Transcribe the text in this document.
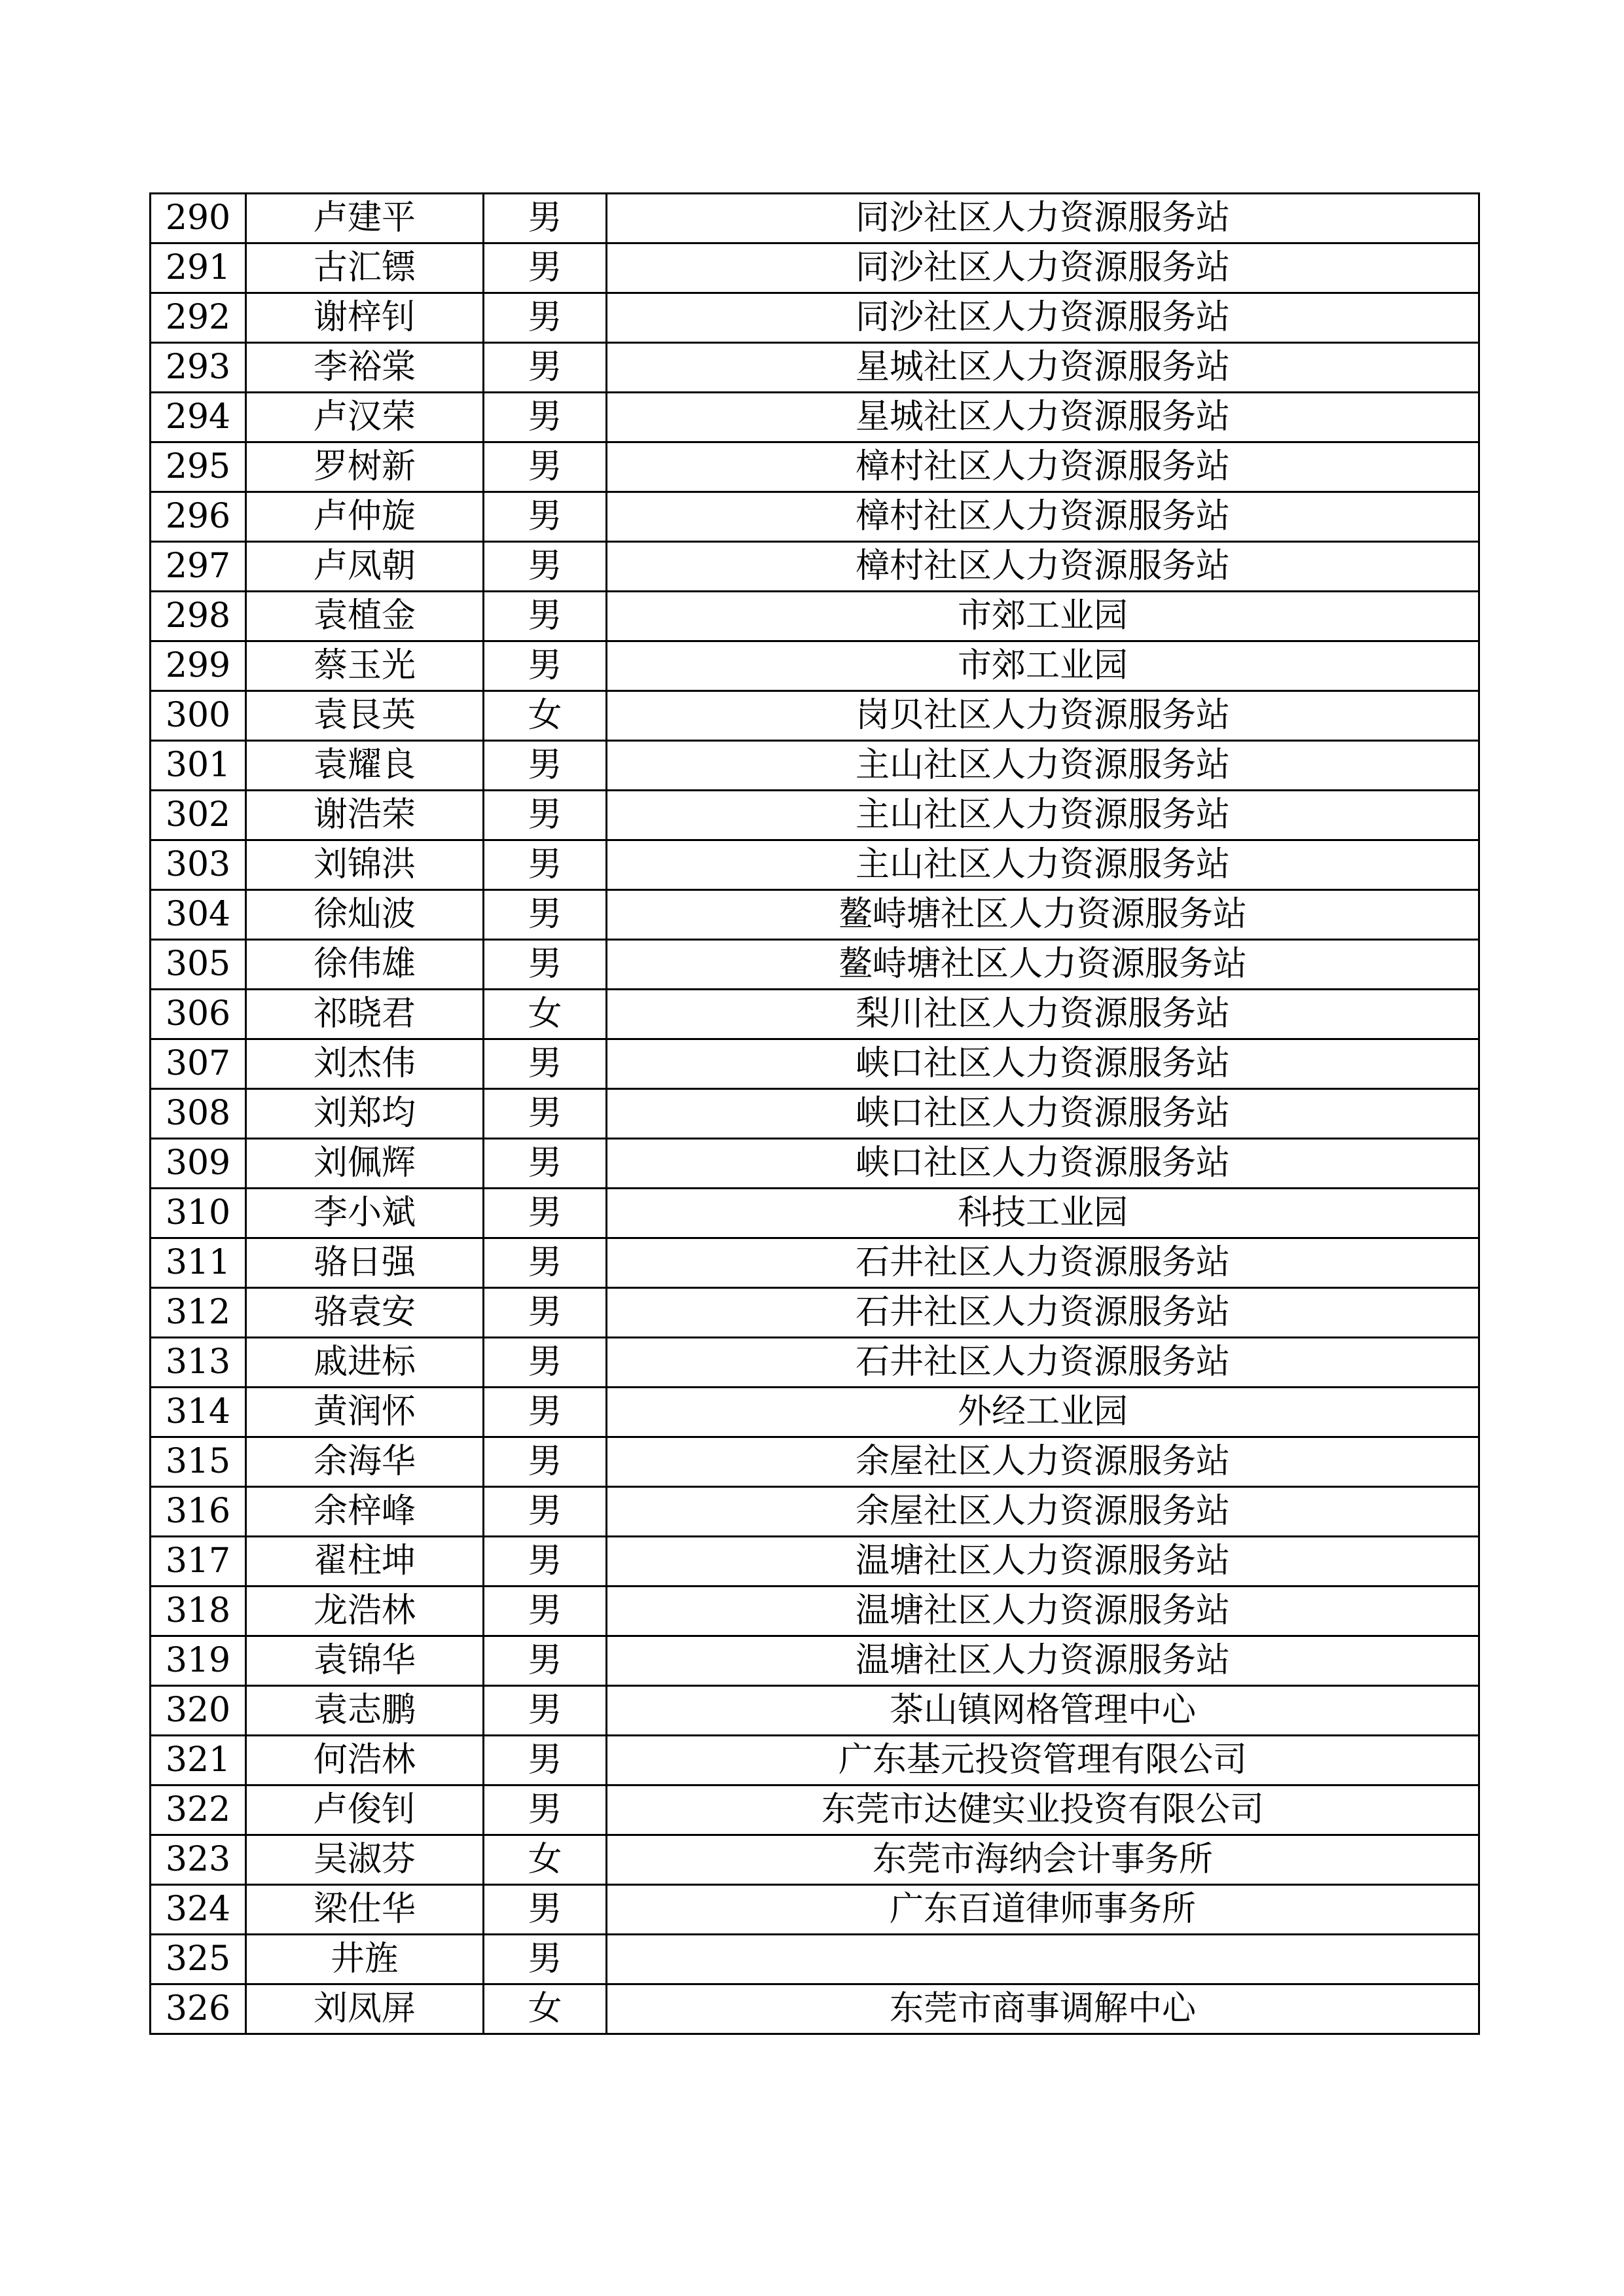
290	卢建平	男	同沙社区人力资源服务站
291	古汇镖	男	同沙社区人力资源服务站
292	谢梓钊	男	同沙社区人力资源服务站
293	李裕棠	男	星城社区人力资源服务站
294	卢汉荣	男	星城社区人力资源服务站
295	罗树新	男	樟村社区人力资源服务站
296	卢仲旋	男	樟村社区人力资源服务站
297	卢凤朝	男	樟村社区人力资源服务站
298	袁植金	男	市郊工业园
299	蔡玉光	男	市郊工业园
300	袁艮英	女	岗贝社区人力资源服务站
301	袁耀良	男	主山社区人力资源服务站
302	谢浩荣	男	主山社区人力资源服务站
303	刘锦洪	男	主山社区人力资源服务站
304	徐灿波	男	鳌峙塘社区人力资源服务站
305	徐伟雄	男	鳌峙塘社区人力资源服务站
306	祁晓君	女	梨川社区人力资源服务站
307	刘杰伟	男	峡口社区人力资源服务站
308	刘郑均	男	峡口社区人力资源服务站
309	刘佩辉	男	峡口社区人力资源服务站
310	李小斌	男	科技工业园
311	骆日强	男	石井社区人力资源服务站
312	骆袁安	男	石井社区人力资源服务站
313	戚进标	男	石井社区人力资源服务站
314	黄润怀	男	外经工业园
315	余海华	男	余屋社区人力资源服务站
316	余梓峰	男	余屋社区人力资源服务站
317	翟柱坤	男	温塘社区人力资源服务站
318	龙浩林	男	温塘社区人力资源服务站
319	袁锦华	男	温塘社区人力资源服务站
320	袁志鹏	男	茶山镇网格管理中心
321	何浩林	男	广东基元投资管理有限公司
322	卢俊钊	男	东莞市达健实业投资有限公司
323	吴淑芬	女	东莞市海纳会计事务所
324	梁仕华	男	广东百道律师事务所
325	井旌	男	
326	刘凤屏	女	东莞市商事调解中心
